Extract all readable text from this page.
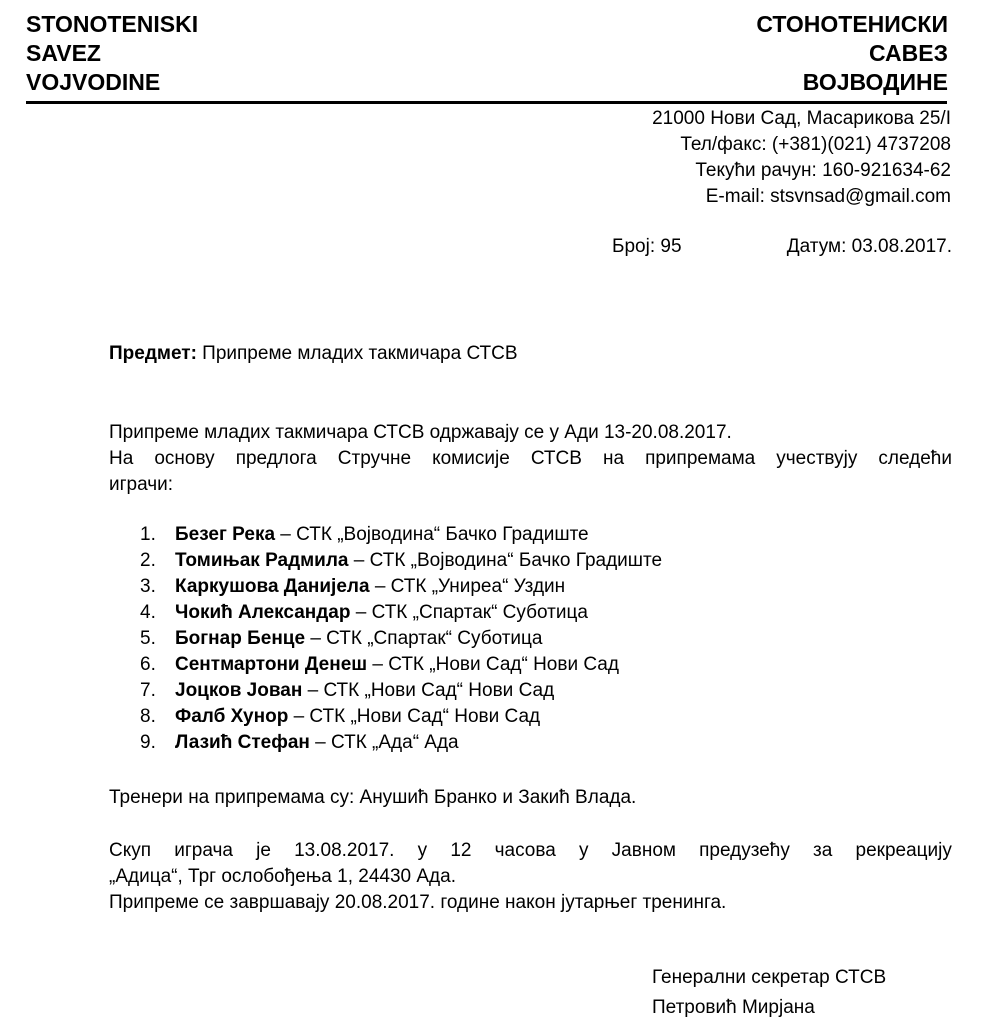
STONOTENISKI
SAVEZ
VOJVODINE
СТОНОТЕНИСКИ
САВЕЗ
ВОЈВОДИНЕ
21000 Нови Сад, Масарикова 25/I
Тел/факс: (+381)(021) 4737208
Текући рачун: 160-921634-62
E-mail: stsvnsad@gmail.com
Број: 95	Датум: 03.08.2017.
Предмет: Припреме младих такмичара СТСВ
Припреме младих такмичара СТСВ одржавају се у Ади 13-20.08.2017.
На основу предлога Стручне комисије СТСВ на припремама учествују следећи
играчи:
1. Безег Река – СТК „Војводина“ Бачко Градиште
2. Томињак Радмила – СТК „Војводина“ Бачко Градиште
3. Каркушова Данијела – СТК „Униреа“ Уздин
4. Чокић Александар – СТК „Спартак“ Суботица
5. Богнар Бенце – СТК „Спартак“ Суботица
6. Сентмартони Денеш – СТК „Нови Сад“ Нови Сад
7. Јоцков Јован – СТК „Нови Сад“ Нови Сад
8. Фалб Хунор – СТК „Нови Сад“ Нови Сад
9. Лазић Стефан – СТК „Ада“ Ада
Тренери на припремама су: Анушић Бранко и Закић Влада.
Скуп играча је 13.08.2017. у 12 часова у Јавном предузећу за рекреацију
„Адица“, Трг ослобођења 1, 24430 Ада.
Припреме се завршавају 20.08.2017. године након јутарњег тренинга.
Генерални секретар СТСВ
Петровић Мирјана
